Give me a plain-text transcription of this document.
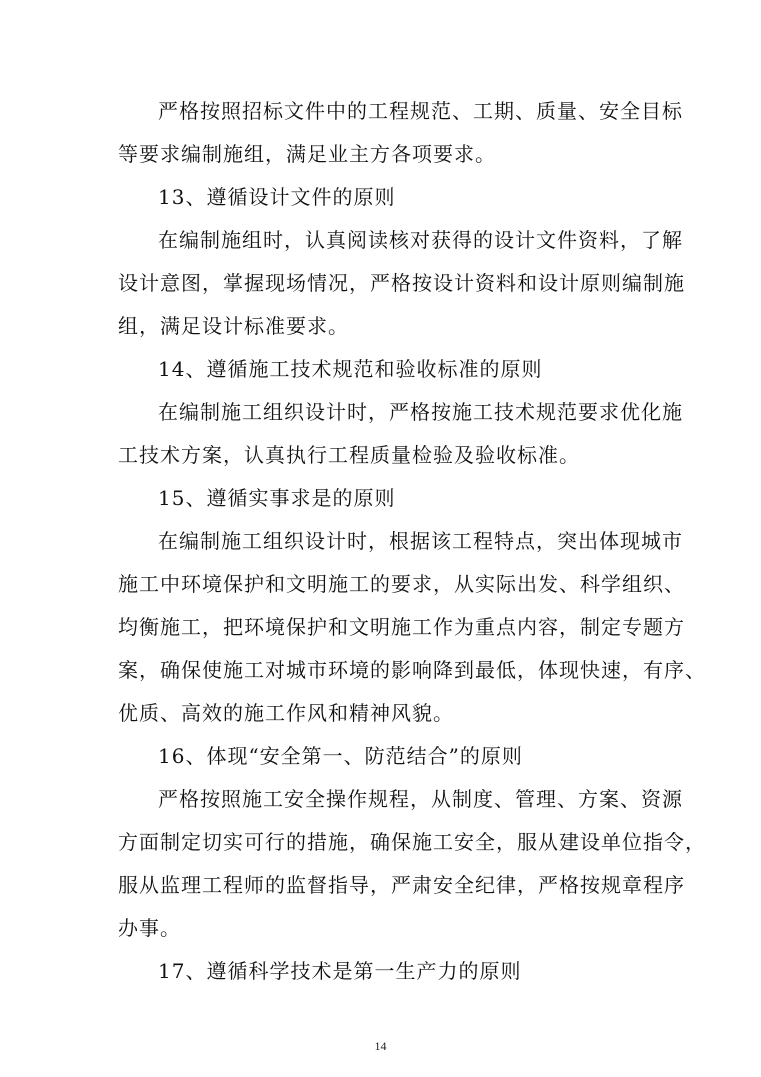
严格按照招标文件中的工程规范、工期、质量、安全目标
等要求编制施组，满足业主方各项要求。
13、遵循设计文件的原则
在编制施组时，认真阅读核对获得的设计文件资料，了解
设计意图，掌握现场情况，严格按设计资料和设计原则编制施
组，满足设计标准要求。
14、遵循施工技术规范和验收标准的原则
在编制施工组织设计时，严格按施工技术规范要求优化施
工技术方案，认真执行工程质量检验及验收标准。
15、遵循实事求是的原则
在编制施工组织设计时，根据该工程特点，突出体现城市
施工中环境保护和文明施工的要求，从实际出发、科学组织、
均衡施工，把环境保护和文明施工作为重点内容，制定专题方
案，确保使施工对城市环境的影响降到最低，体现快速，有序、
优质、高效的施工作风和精神风貌。
16、体现“安全第一、防范结合”的原则
严格按照施工安全操作规程，从制度、管理、方案、资源
方面制定切实可行的措施，确保施工安全，服从建设单位指令，
服从监理工程师的监督指导，严肃安全纪律，严格按规章程序
办事。
17、遵循科学技术是第一生产力的原则
14
